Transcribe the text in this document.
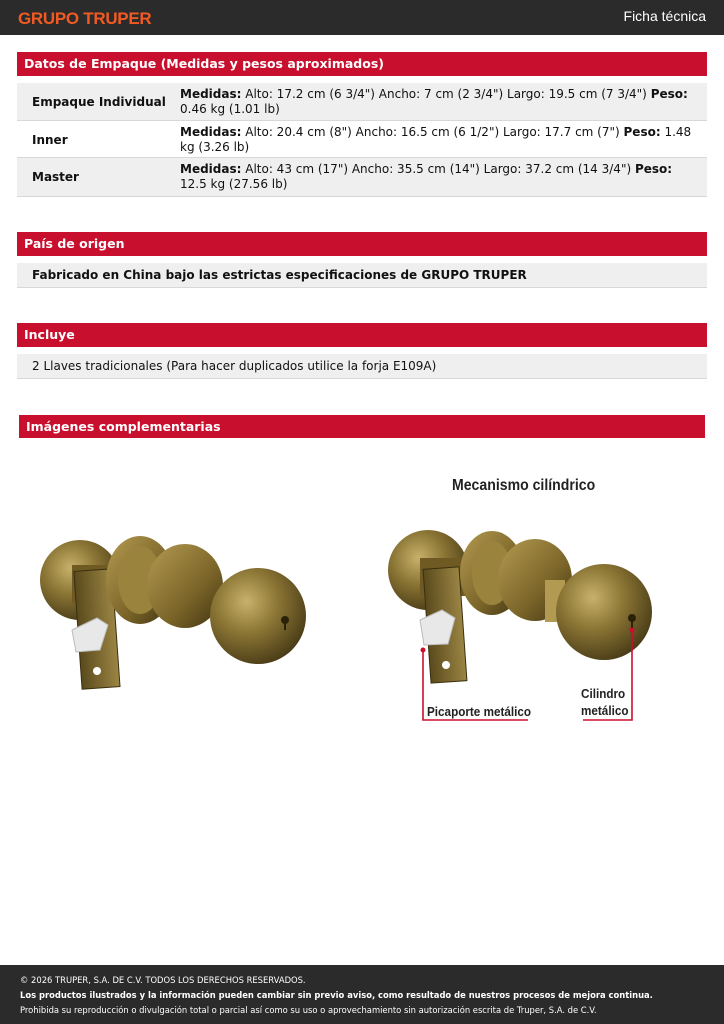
GRUPO TRUPER	Ficha técnica
Datos de Empaque (Medidas y pesos aproximados)
Empaque Individual
Medidas: Alto: 17.2 cm (6 3/4") Ancho: 7 cm (2 3/4") Largo: 19.5 cm (7 3/4") Peso: 0.46 kg (1.01 lb)
Inner
Medidas: Alto: 20.4 cm (8") Ancho: 16.5 cm (6 1/2") Largo: 17.7 cm (7") Peso: 1.48 kg (3.26 lb)
Master
Medidas: Alto: 43 cm (17") Ancho: 35.5 cm (14") Largo: 37.2 cm (14 3/4") Peso: 12.5 kg (27.56 lb)
País de origen
Fabricado en China bajo las estrictas especificaciones de GRUPO TRUPER
Incluye
2 Llaves tradicionales (Para hacer duplicados utilice la forja E109A)
Imágenes complementarias
Mecanismo cilíndrico
Picaporte metálico
Cilindro
metálico
© 2026 TRUPER, S.A. DE C.V. TODOS LOS DERECHOS RESERVADOS.
Los productos ilustrados y la información pueden cambiar sin previo aviso, como resultado de nuestros procesos de mejora continua.
Prohibida su reproducción o divulgación total o parcial así como su uso o aprovechamiento sin autorización escrita de Truper, S.A. de C.V.
